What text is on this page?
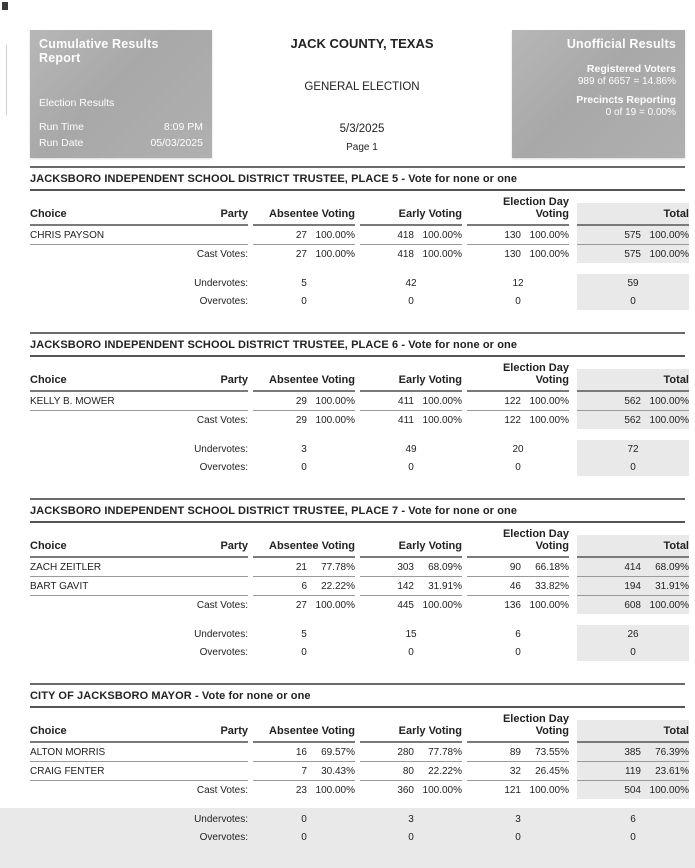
Cumulative Results Report
Election Results
Run Time	8:09 PM
Run Date	05/03/2025
JACK COUNTY, TEXAS
GENERAL ELECTION
5/3/2025
Page 1
Unofficial Results
Registered Voters
989 of 6657 = 14.86%
Precincts Reporting
0 of 19 = 0.00%
JACKSBORO INDEPENDENT SCHOOL DISTRICT TRUSTEE, PLACE 5 - Vote for none or one
Choice	Party	Absentee Voting	Early Voting
Election Day Voting	Total
CHRIS PAYSON	27 100.00%	418 100.00%	130 100.00%	575 100.00%
Cast Votes:	27 100.00%	418 100.00%	130 100.00%	575 100.00%
Undervotes:	5	42	12	59
Overvotes:	0	0	0	0
JACKSBORO INDEPENDENT SCHOOL DISTRICT TRUSTEE, PLACE 6 - Vote for none or one
Choice	Party	Absentee Voting	Early Voting
Election Day Voting	Total
KELLY B. MOWER	29 100.00%	411 100.00%	122 100.00%	562 100.00%
Cast Votes:	29 100.00%	411 100.00%	122 100.00%	562 100.00%
Undervotes:	3	49	20	72
Overvotes:	0	0	0	0
JACKSBORO INDEPENDENT SCHOOL DISTRICT TRUSTEE, PLACE 7 - Vote for none or one
Choice	Party	Absentee Voting	Early Voting
Election Day Voting	Total
ZACH ZEITLER	21	77.78%	303	68.09%	90	66.18%	414	68.09%
BART GAVIT	6	22.22%	142	31.91%	46	33.82%	194	31.91%
Cast Votes:	27 100.00%	445 100.00%	136 100.00%	608 100.00%
Undervotes:	5	15	6	26
Overvotes:	0	0	0	0
CITY OF JACKSBORO MAYOR - Vote for none or one
Choice	Party	Absentee Voting	Early Voting
Election Day Voting	Total
ALTON MORRIS	16	69.57%	280	77.78%	89	73.55%	385	76.39%
CRAIG FENTER	7	30.43%	80	22.22%	32	26.45%	119	23.61%
Cast Votes:	23 100.00%	360 100.00%	121 100.00%	504 100.00%
Undervotes:	0	3	3	6
Overvotes:	0	0	0	0
